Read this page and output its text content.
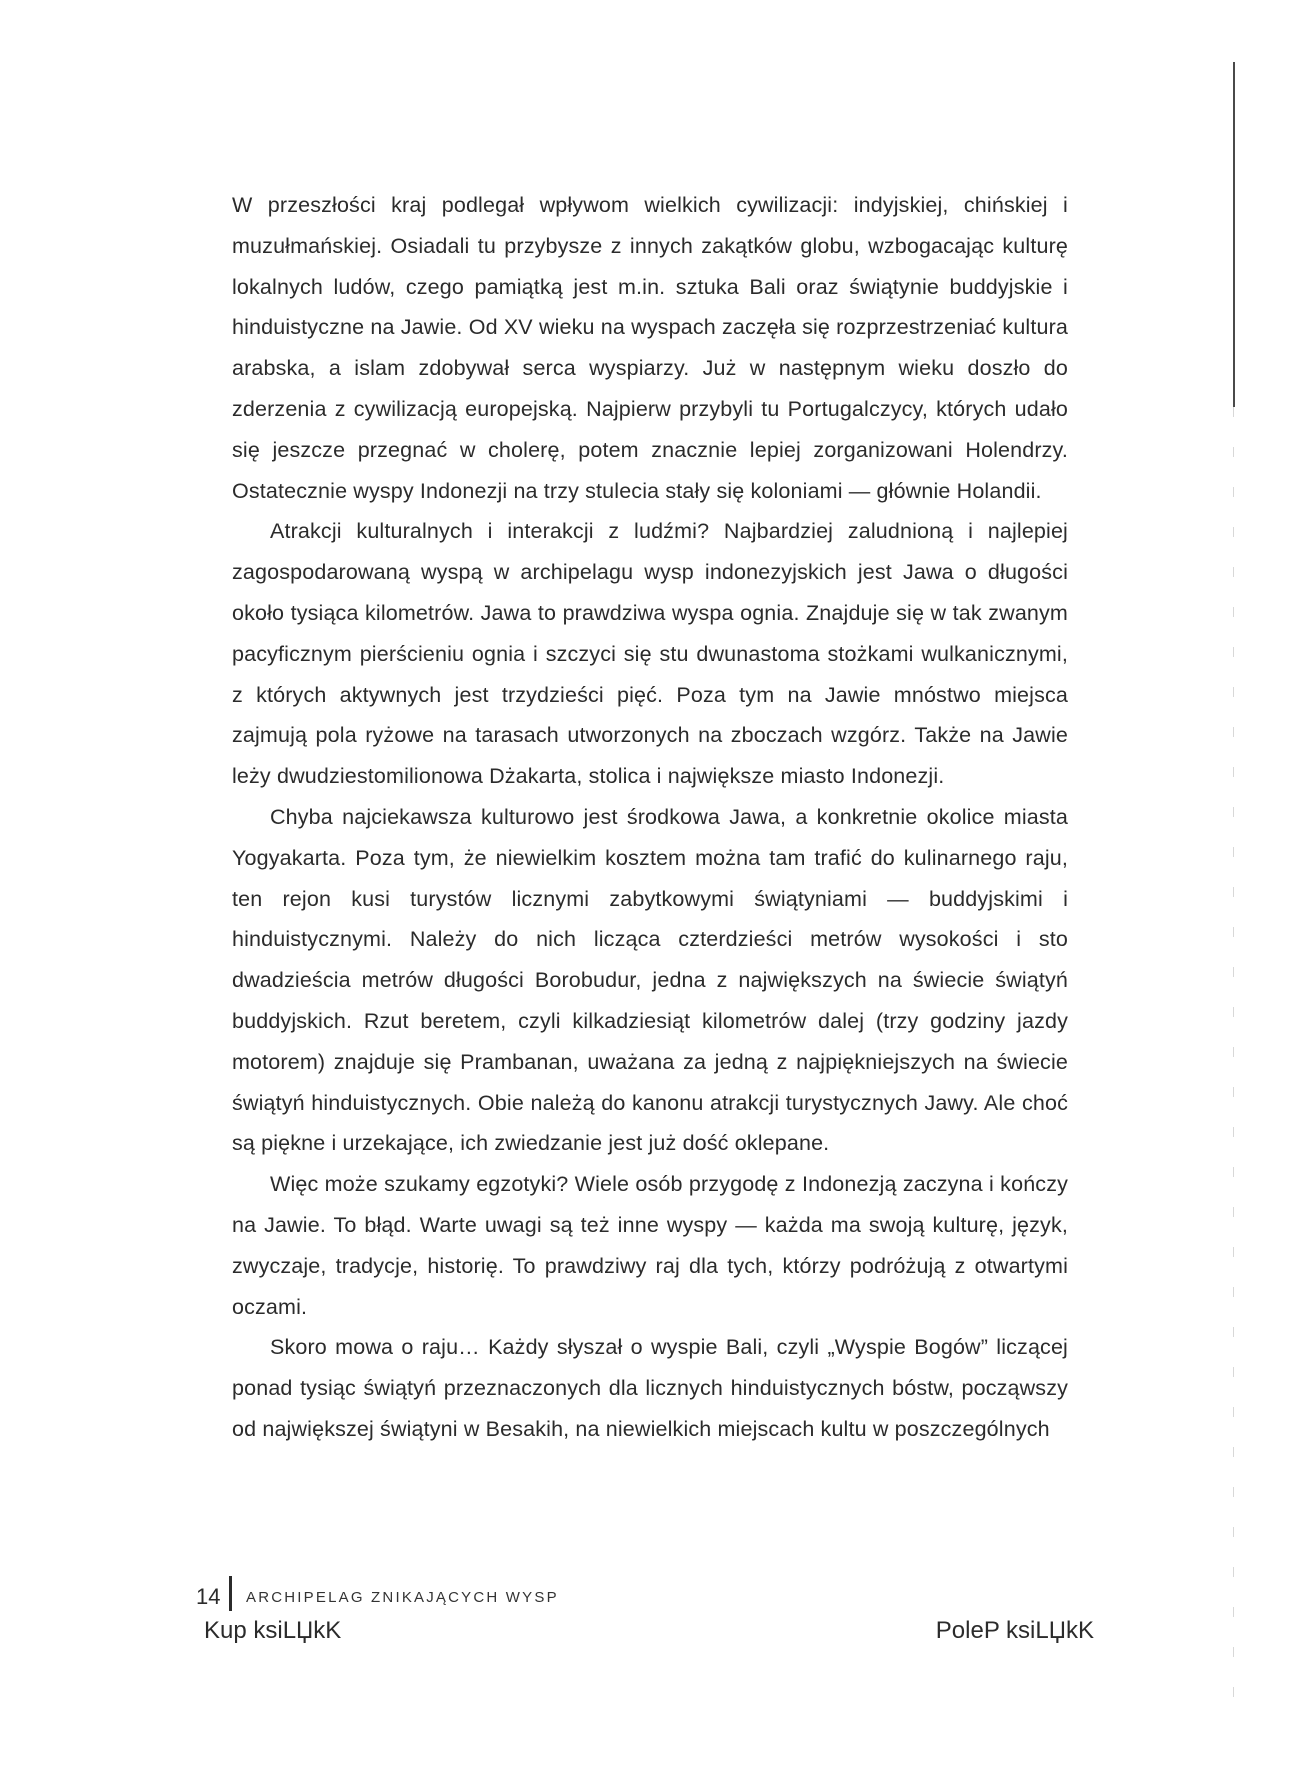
W przeszłości kraj podlegał wpływom wielkich cywilizacji: indyjskiej, chińskiej i muzułmańskiej. Osiadali tu przybysze z innych zakątków globu, wzbogacając kulturę lokalnych ludów, czego pamiątką jest m.in. sztuka Bali oraz świątynie buddyjskie i hinduistyczne na Jawie. Od XV wieku na wyspach zaczęła się rozprzestrzeniać kultura arabska, a islam zdobywał serca wyspiarzy. Już w następnym wieku doszło do zderzenia z cywilizacją europejską. Najpierw przybyli tu Portugalczycy, których udało się jeszcze przegnać w cholerę, potem znacznie lepiej zorganizowani Holendrzy. Ostatecznie wyspy Indonezji na trzy stulecia stały się koloniami — głównie Holandii.

Atrakcji kulturalnych i interakcji z ludźmi? Najbardziej zaludnioną i najlepiej zagospodarowaną wyspą w archipelagu wysp indonezyjskich jest Jawa o długości około tysiąca kilometrów. Jawa to prawdziwa wyspa ognia. Znajduje się w tak zwanym pacyficznym pierścieniu ognia i szczyci się stu dwunastoma stożkami wulkanicznymi, z których aktywnych jest trzydzieści pięć. Poza tym na Jawie mnóstwo miejsca zajmują pola ryżowe na tarasach utworzonych na zboczach wzgórz. Także na Jawie leży dwudziestomilionowa Dżakarta, stolica i największe miasto Indonezji.

Chyba najciekawsza kulturowo jest środkowa Jawa, a konkretnie okolice miasta Yogyakarta. Poza tym, że niewielkim kosztem można tam trafić do kulinarnego raju, ten rejon kusi turystów licznymi zabytkowymi świątyniami — buddyjskimi i hinduistycznymi. Należy do nich licząca czterdzieści metrów wysokości i sto dwadzieścia metrów długości Borobudur, jedna z największych na świecie świątyń buddyjskich. Rzut beretem, czyli kilkadziesiąt kilometrów dalej (trzy godziny jazdy motorem) znajduje się Prambanan, uważana za jedną z najpiękniejszych na świecie świątyń hinduistycznych. Obie należą do kanonu atrakcji turystycznych Jawy. Ale choć są piękne i urzekające, ich zwiedzanie jest już dość oklepane.

Więc może szukamy egzotyki? Wiele osób przygodę z Indonezją zaczyna i kończy na Jawie. To błąd. Warte uwagi są też inne wyspy — każda ma swoją kulturę, język, zwyczaje, tradycje, historię. To prawdziwy raj dla tych, którzy podróżują z otwartymi oczami.

Skoro mowa o raju… Każdy słyszał o wyspie Bali, czyli „Wyspie Bogów” liczącej ponad tysiąc świątyń przeznaczonych dla licznych hinduistycznych bóstw, począwszy od największej świątyni w Besakih, na niewielkich miejscach kultu w poszczególnych

14 ARCHIPELAG ZNIKAJĄCYCH WYSP
Kup ksiLЏkK	PoleP ksiLЏkK
